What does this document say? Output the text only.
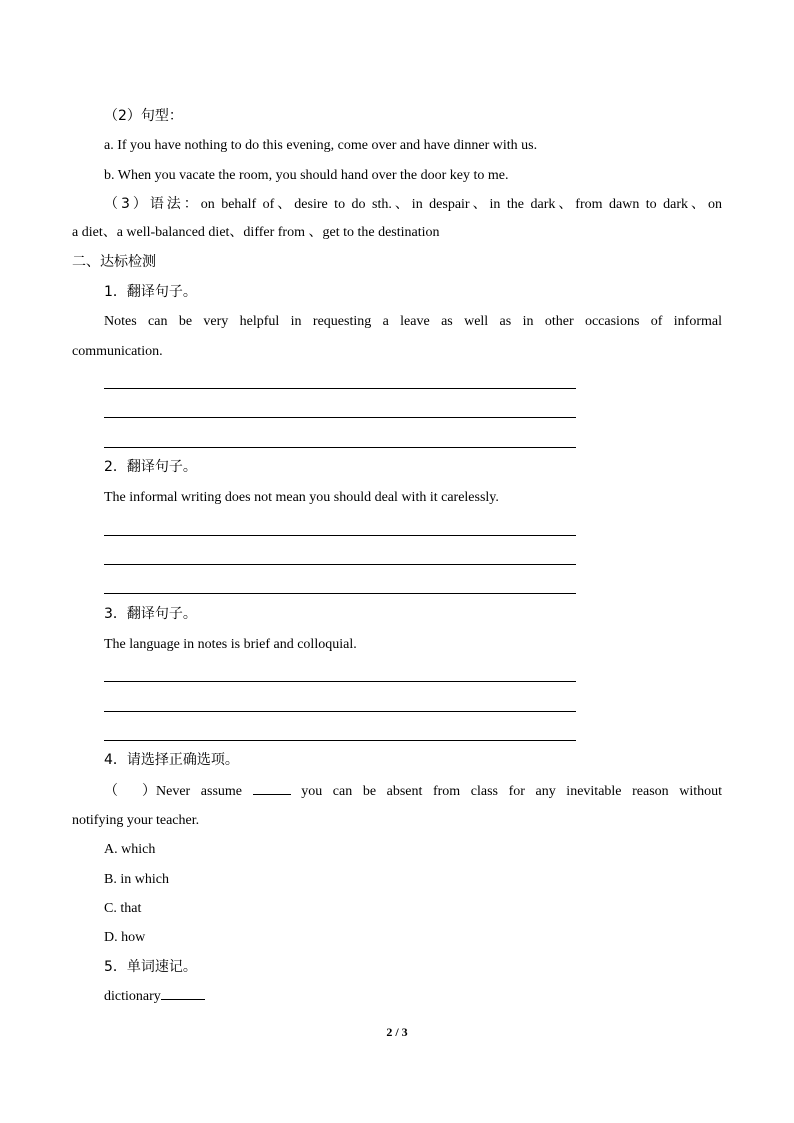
（2）句型：
a. If you have nothing to do this evening, come over and have dinner with us.
b. When you vacate the room, you should hand over the door key to me.
（3）语法：on behalf of、desire to do sth.、in despair、in the dark、from dawn to dark、on
a diet、a well-balanced diet、differ from 、get to the destination
二、达标检测
1．翻译句子。
Notes can be very helpful in requesting a leave as well as in other occasions of informal
communication.
2．翻译句子。
The informal writing does not mean you should deal with it carelessly.
3．翻译句子。
The language in notes is brief and colloquial.
4．请选择正确选项。
（ ）Never assume	you can be absent from class for any inevitable reason without
notifying your teacher.
A. which
B. in which
C. that
D. how
5．单词速记。
dictionary
2 / 3
